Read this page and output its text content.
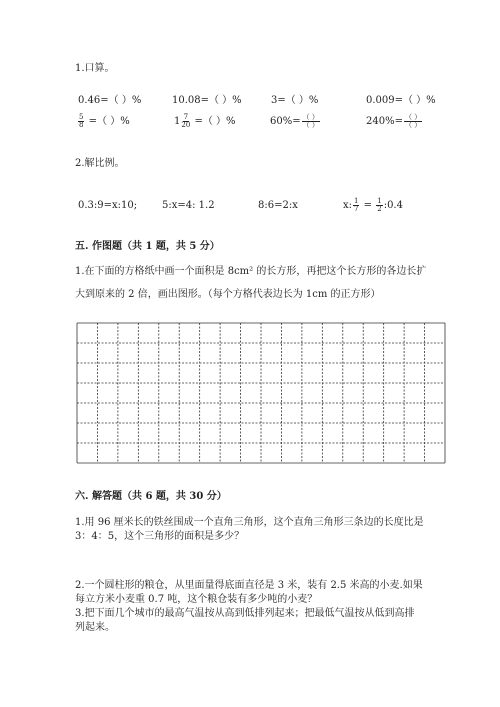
1.口算。
0.46=（ ）%	10.08=（ ）%	3=（ ）%	0.009=（ ）%
$\frac{5}{8}$ =（ ）%	$1 \frac{7}{20}$ =（ ）%	$60\%= \frac{( )}{( )}$	$240\%= \frac{( )}{( )}$
2.解比例。
0.3:9=x:10; 5:x=4: 1.2	8:6=2:x	x: $\frac{1}{7} = \frac{1}{2}$ :0.4
五. 作图题（共 1 题，共 5 分）
1.在下面的方格纸中画一个面积是 8cm² 的长方形，再把这个长方形的各边长扩
大到原来的 2 倍，画出图形。（每个方格代表边长为 1cm 的正方形）
六. 解答题（共 6 题，共 30 分）
1.用 96 厘米长的铁丝围成一个直角三角形，这个直角三角形三条边的长度比是
3：4：5，这个三角形的面积是多少？
2.一个圆柱形的粮仓，从里面量得底面直径是 3 米，装有 2.5 米高的小麦.如果
每立方米小麦重 0.7 吨，这个粮仓装有多少吨的小麦？
3.把下面几个城市的最高气温按从高到低排列起来；把最低气温按从低到高排
列起来。
